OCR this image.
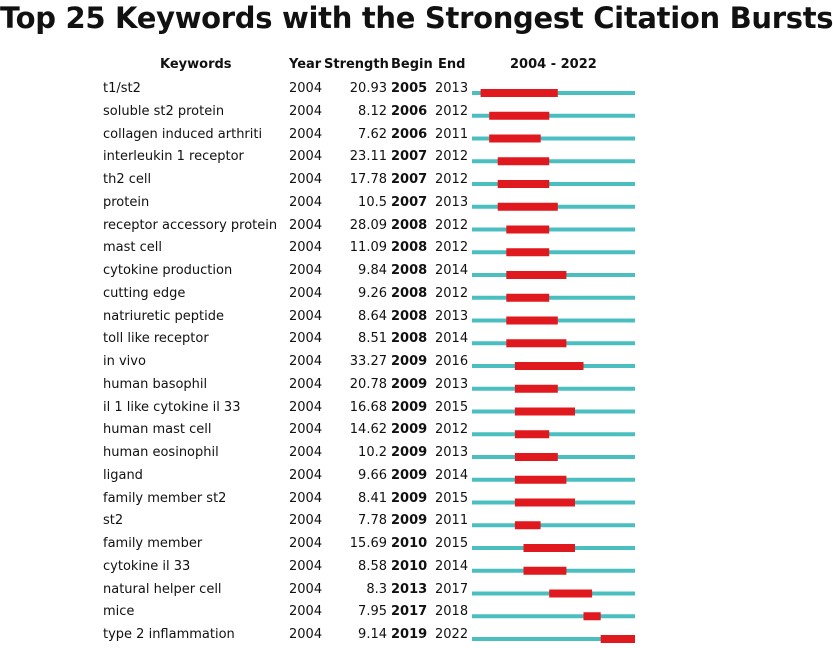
Top 25 Keywords with the Strongest Citation Bursts
Keywords	Year Strength Begin End	2004 - 2022
t1/st2	2004	20.93 2005 2013
soluble st2 protein	2004	8.12 2006 2012
collagen induced arthriti 2004	7.62 2006 2011
interleukin 1 receptor	2004	23.11 2007 2012
th2 cell	2004	17.78 2007 2012
protein	2004	10.5 2007 2013
receptor accessory protein 2004	28.09 2008 2012
mast cell	2004	11.09 2008 2012
cytokine production	2004	9.84 2008 2014
cutting edge	2004	9.26 2008 2012
natriuretic peptide	2004	8.64 2008 2013
toll like receptor	2004	8.51 2008 2014
in vivo	2004	33.27 2009 2016
human basophil	2004	20.78 2009 2013
il 1 like cytokine il 33	2004	16.68 2009 2015
human mast cell	2004	14.62 2009 2012
human eosinophil	2004	10.2 2009 2013
ligand	2004	9.66 2009 2014
family member st2	2004	8.41 2009 2015
st2	2004	7.78 2009 2011
family member	2004	15.69 2010 2015
cytokine il 33	2004	8.58 2010 2014
natural helper cell	2004	8.3 2013 2017
mice	2004	7.95 2017 2018
type 2 inflammation	2004	9.14 2019 2022
